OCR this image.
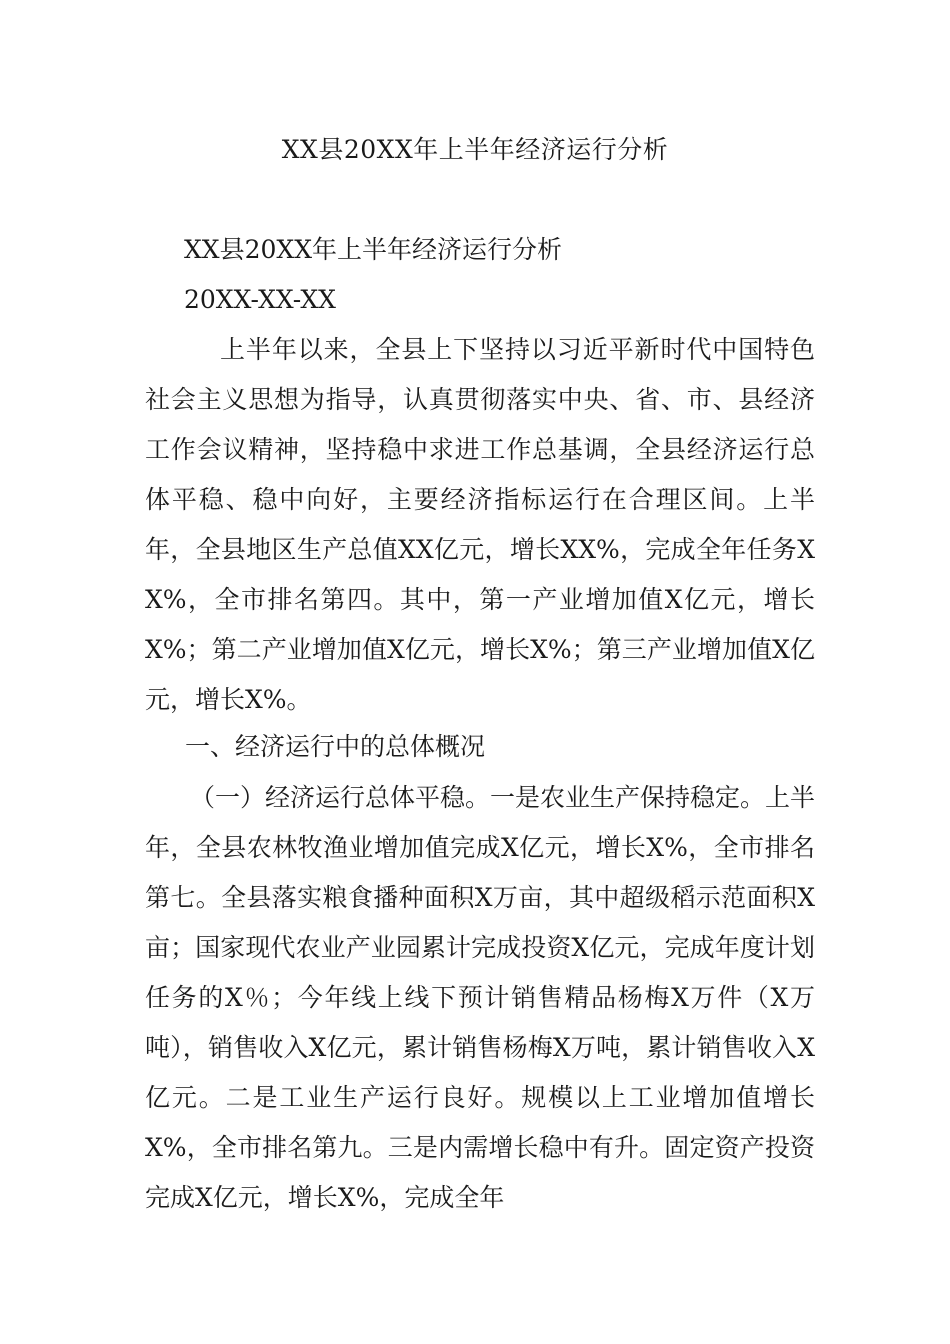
XX县20XX年上半年经济运行分析
XX县20XX年上半年经济运行分析
20XX-XX-XX

上半年以来，全县上下坚持以习近平新时代中国特色社会主义思想为指导，认真贯彻落实中央、省、市、县经济工作会议精神，坚持稳中求进工作总基调，全县经济运行总体平稳、稳中向好，主要经济指标运行在合理区间。上半年，全县地区生产总值XX亿元，增长XX%，完成全年任务XX%，全市排名第四。其中，第一产业增加值X亿元，增长X%；第二产业增加值X亿元，增长X%；第三产业增加值X亿元，增长X%。

一、经济运行中的总体概况

（一）经济运行总体平稳。一是农业生产保持稳定。上半年，全县农林牧渔业增加值完成X亿元，增长X%，全市排名第七。全县落实粮食播种面积X万亩，其中超级稻示范面积X亩；国家现代农业产业园累计完成投资X亿元，完成年度计划任务的X％；今年线上线下预计销售精品杨梅X万件（X万吨），销售收入X亿元，累计销售杨梅X万吨，累计销售收入X亿元。二是工业生产运行良好。规模以上工业增加值增长X%，全市排名第九。三是内需增长稳中有升。固定资产投资完成X亿元，增长X%，完成全年
